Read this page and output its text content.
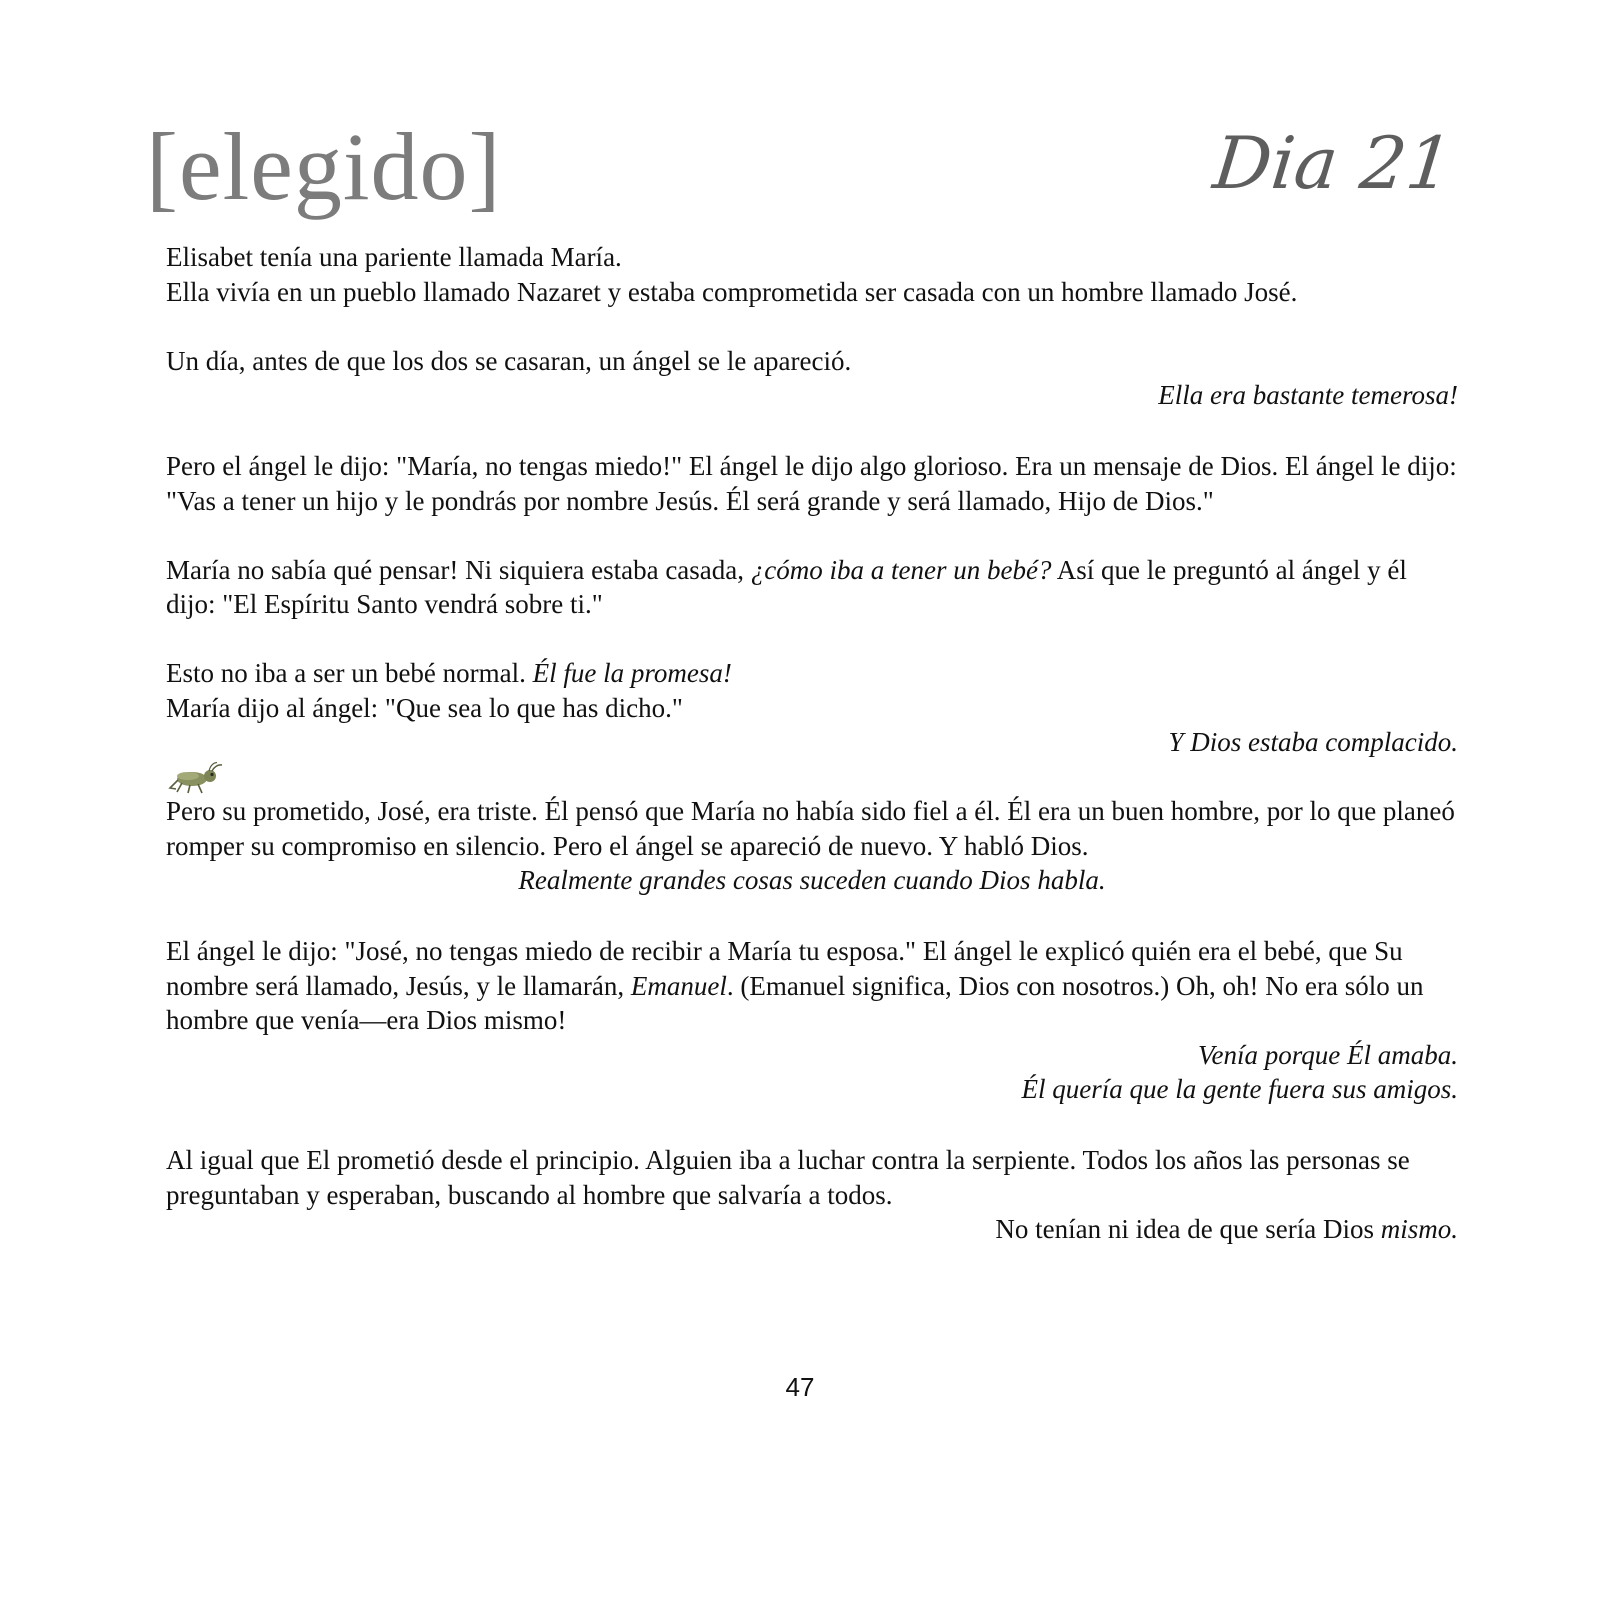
[elegido]	Dia 21

Elisabet tenía una pariente llamada María.

Ella vivía en un pueblo llamado Nazaret y estaba comprometida ser casada con un hombre llamado José.

Un día, antes de que los dos se casaran, un ángel se le apareció.

Ella era bastante temerosa!

Pero el ángel le dijo: "María, no tengas miedo!" El ángel le dijo algo glorioso. Era un mensaje de Dios. El ángel le dijo: "Vas a tener un hijo y le pondrás por nombre Jesús. Él será grande y será llamado, Hijo de Dios."

María no sabía qué pensar! Ni siquiera estaba casada, ¿cómo iba a tener un bebé? Así que le preguntó al ángel y él dijo: "El Espíritu Santo vendrá sobre ti."

Esto no iba a ser un bebé normal. Él fue la promesa!

María dijo al ángel: "Que sea lo que has dicho."

Y Dios estaba complacido.

Pero su prometido, José, era triste. Él pensó que María no había sido fiel a él. Él era un buen hombre, por lo que planeó romper su compromiso en silencio. Pero el ángel se apareció de nuevo. Y habló Dios.

Realmente grandes cosas suceden cuando Dios habla.

El ángel le dijo: "José, no tengas miedo de recibir a María tu esposa." El ángel le explicó quién era el bebé, que Su nombre será llamado, Jesús, y le llamarán, Emanuel. (Emanuel significa, Dios con nosotros.) Oh, oh! No era sólo un hombre que venía—era Dios mismo!

Venía porque Él amaba.

Él quería que la gente fuera sus amigos.

Al igual que El prometió desde el principio. Alguien iba a luchar contra la serpiente. Todos los años las personas se preguntaban y esperaban, buscando al hombre que salvaría a todos.

No tenían ni idea de que sería Dios mismo.

47
